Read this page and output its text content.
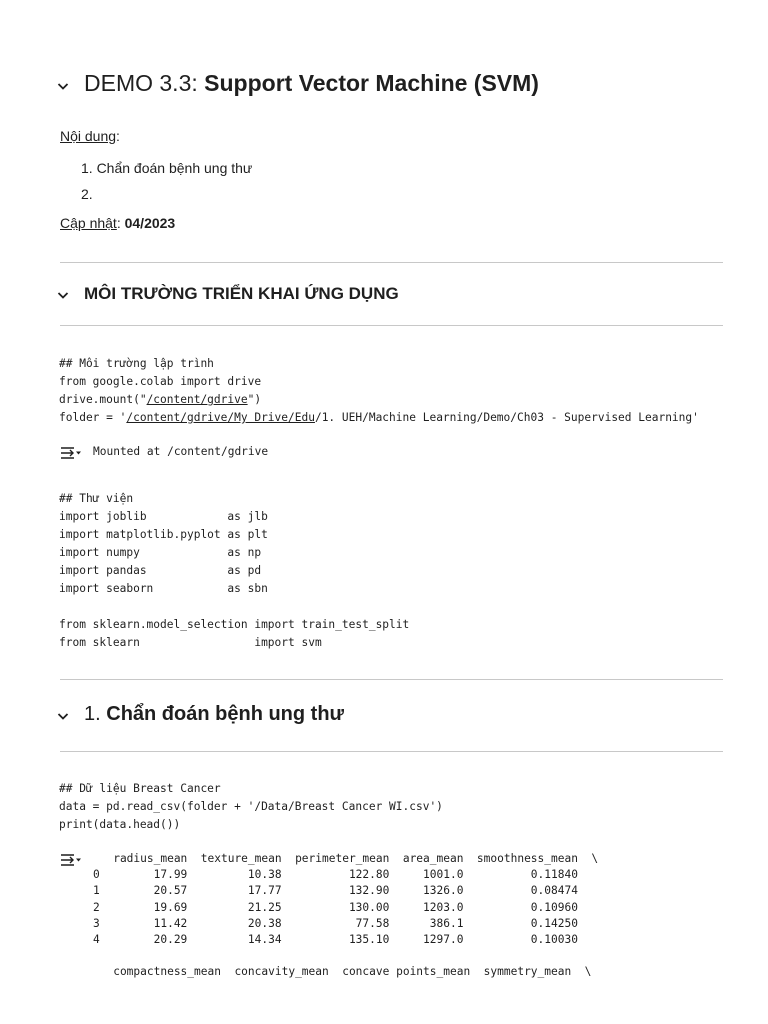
DEMO 3.3: Support Vector Machine (SVM)
Nội dung:
1. Chẩn đoán bệnh ung thư
2.
Cập nhật: 04/2023
MÔI TRƯỜNG TRIỂN KHAI ỨNG DỤNG
## Môi trường lập trình
from google.colab import drive
drive.mount("/content/gdrive")
folder = '/content/gdrive/My Drive/Edu/1. UEH/Machine Learning/Demo/Ch03 - Supervised Learning'
Mounted at /content/gdrive
## Thư viện
import joblib            as jlb
import matplotlib.pyplot as plt
import numpy             as np
import pandas            as pd
import seaborn           as sbn

from sklearn.model_selection import train_test_split
from sklearn                 import svm
1. Chẩn đoán bệnh ung thư
## Dữ liệu Breast Cancer
data = pd.read_csv(folder + '/Data/Breast Cancer WI.csv')
print(data.head())
radius_mean  texture_mean  perimeter_mean  area_mean  smoothness_mean  \
0        17.99         10.38          122.80     1001.0          0.11840
1        20.57         17.77          132.90     1326.0          0.08474
2        19.69         21.25          130.00     1203.0          0.10960
3        11.42         20.38           77.58      386.1          0.14250
4        20.29         14.34          135.10     1297.0          0.10030

compactness_mean  concavity_mean  concave points_mean  symmetry_mean  \
